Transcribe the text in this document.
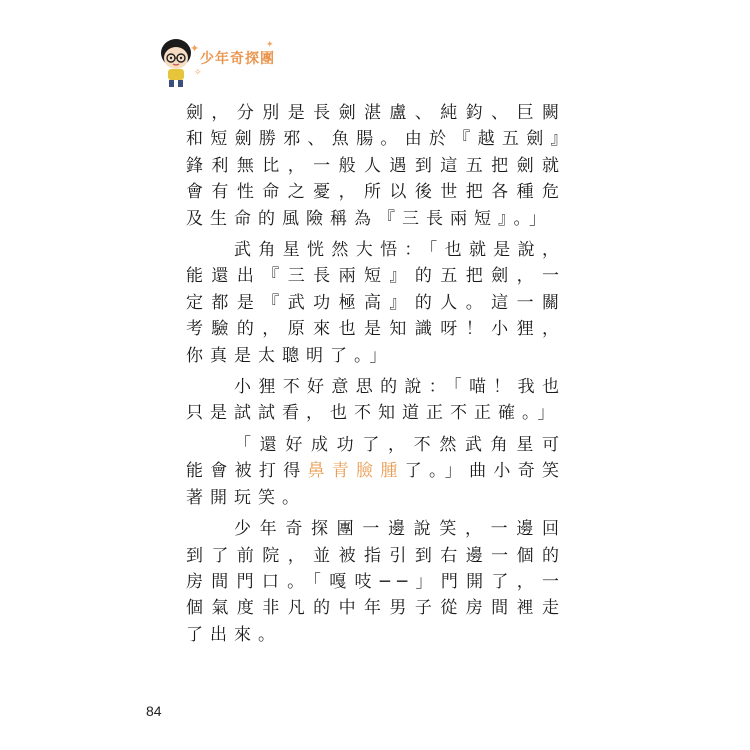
✦	✦
✧
少年奇探團

劍，分別是長劍湛盧、純鈞、巨闕和短劍勝邪、魚腸。由於『越五劍』鋒利無比，一般人遇到這五把劍就會有性命之憂，所以後世把各種危及生命的風險稱為『三長兩短』。」

武角星恍然大悟：「也就是說，能還出『三長兩短』的五把劍，一定都是『武功極高』的人。這一關考驗的，原來也是知識呀！小狸，你真是太聰明了。」

小狸不好意思的說：「喵！我也只是試試看，也不知道正不正確。」

「還好成功了，不然武角星可能會被打得鼻青臉腫了。」曲小奇笑著開玩笑。

少年奇探團一邊說笑，一邊回到了前院，並被指引到右邊一個的房間門口。「嘎吱──」門開了，一個氣度非凡的中年男子從房間裡走了出來。

84
